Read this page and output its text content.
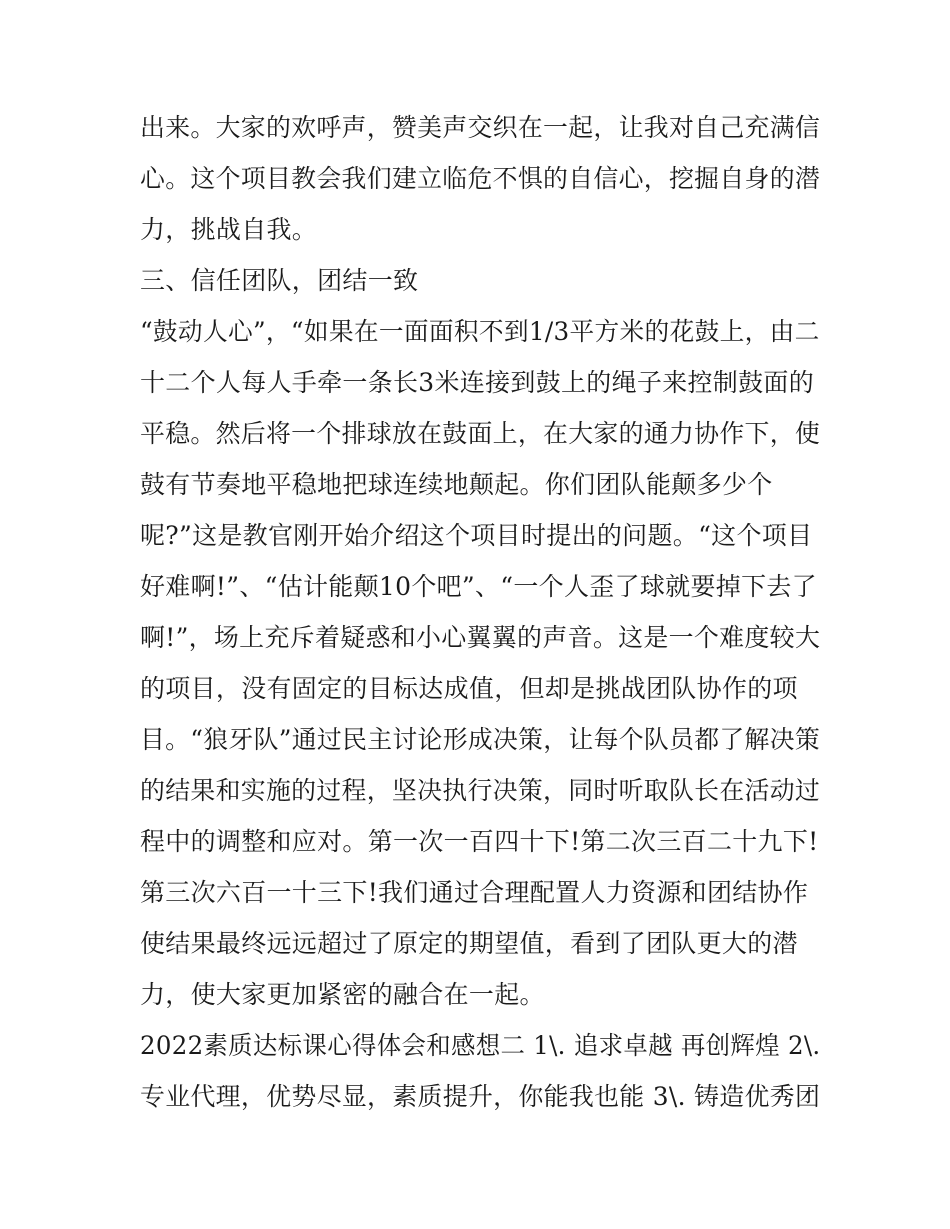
出来。大家的欢呼声，赞美声交织在一起，让我对自己充满信
心。这个项目教会我们建立临危不惧的自信心，挖掘自身的潜
力，挑战自我。
三、信任团队，团结一致
“鼓动人心”，“如果在一面面积不到1/3平方米的花鼓上，由二
十二个人每人手牵一条长3米连接到鼓上的绳子来控制鼓面的
平稳。然后将一个排球放在鼓面上，在大家的通力协作下，使
鼓有节奏地平稳地把球连续地颠起。你们团队能颠多少个
呢?”这是教官刚开始介绍这个项目时提出的问题。“这个项目
好难啊!”、“估计能颠10个吧”、“一个人歪了球就要掉下去了
啊!”，场上充斥着疑惑和小心翼翼的声音。这是一个难度较大
的项目，没有固定的目标达成值，但却是挑战团队协作的项
目。“狼牙队”通过民主讨论形成决策，让每个队员都了解决策
的结果和实施的过程，坚决执行决策，同时听取队长在活动过
程中的调整和应对。第一次一百四十下!第二次三百二十九下!
第三次六百一十三下!我们通过合理配置人力资源和团结协作
使结果最终远远超过了原定的期望值，看到了团队更大的潜
力，使大家更加紧密的融合在一起。
2022素质达标课心得体会和感想二 1\. 追求卓越 再创辉煌 2\.
专业代理，优势尽显，素质提升，你能我也能 3\. 铸造优秀团
